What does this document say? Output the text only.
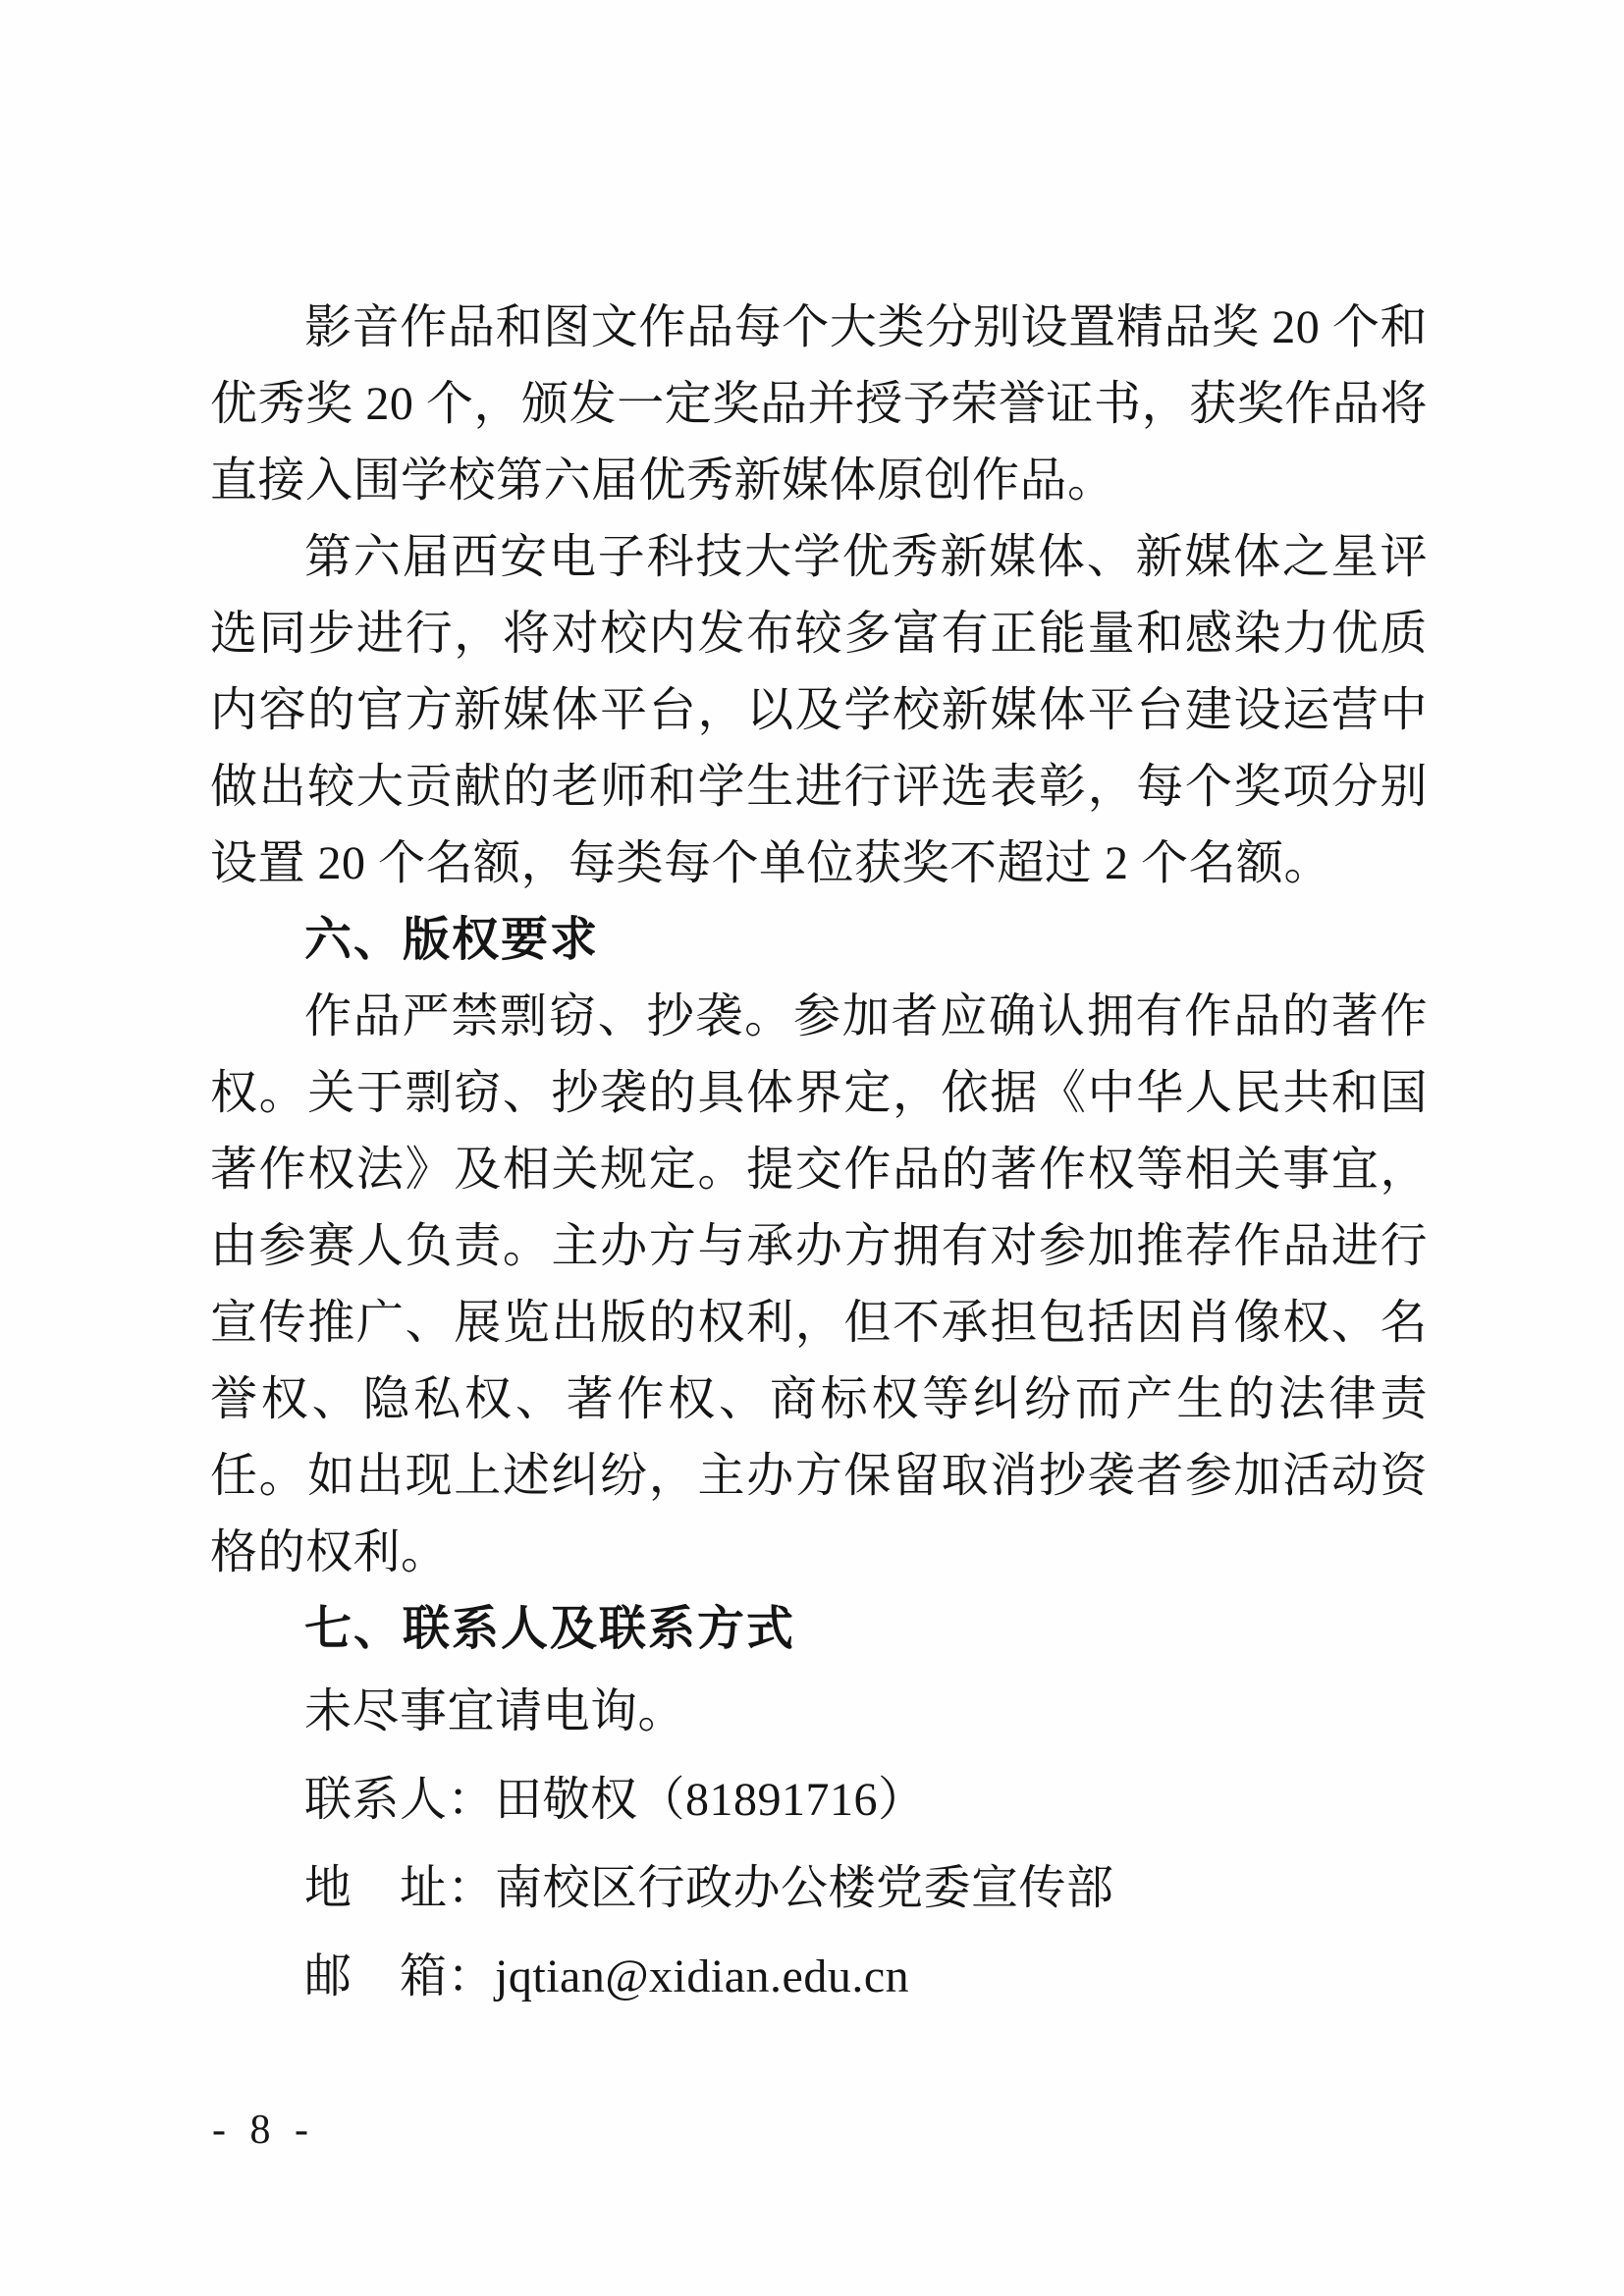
影音作品和图文作品每个大类分别设置精品奖 20 个和优秀奖 20 个，颁发一定奖品并授予荣誉证书，获奖作品将直接入围学校第六届优秀新媒体原创作品。

第六届西安电子科技大学优秀新媒体、新媒体之星评选同步进行，将对校内发布较多富有正能量和感染力优质内容的官方新媒体平台，以及学校新媒体平台建设运营中做出较大贡献的老师和学生进行评选表彰，每个奖项分别设置 20 个名额，每类每个单位获奖不超过 2 个名额。

六、版权要求

作品严禁剽窃、抄袭。参加者应确认拥有作品的著作权。关于剽窃、抄袭的具体界定，依据《中华人民共和国著作权法》及相关规定。提交作品的著作权等相关事宜，由参赛人负责。主办方与承办方拥有对参加推荐作品进行宣传推广、展览出版的权利，但不承担包括因肖像权、名誉权、隐私权、著作权、商标权等纠纷而产生的法律责任。如出现上述纠纷，主办方保留取消抄袭者参加活动资格的权利。

七、联系人及联系方式

未尽事宜请电询。

联系人：田敬权（81891716）

地　址：南校区行政办公楼党委宣传部

邮　箱：jqtian@xidian.edu.cn

- 8 -
